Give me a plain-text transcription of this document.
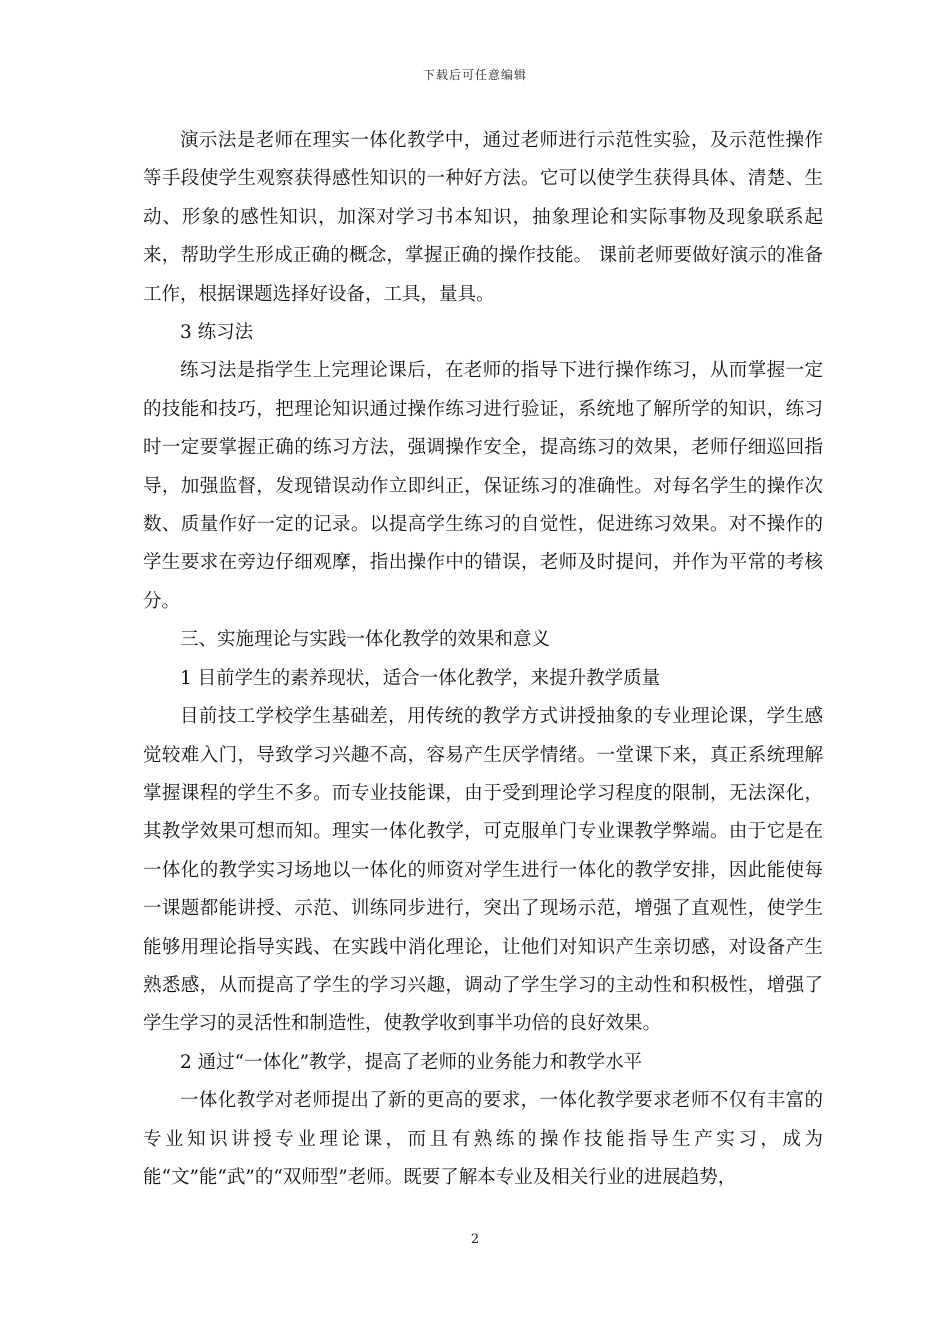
下载后可任意编辑

演示法是老师在理实一体化教学中，通过老师进行示范性实验，及示范性操作等手段使学生观察获得感性知识的一种好方法。它可以使学生获得具体、清楚、生动、形象的感性知识，加深对学习书本知识，抽象理论和实际事物及现象联系起来，帮助学生形成正确的概念，掌握正确的操作技能。 课前老师要做好演示的准备工作，根据课题选择好设备，工具，量具。

3 练习法

练习法是指学生上完理论课后，在老师的指导下进行操作练习，从而掌握一定的技能和技巧，把理论知识通过操作练习进行验证，系统地了解所学的知识，练习时一定要掌握正确的练习方法，强调操作安全，提高练习的效果，老师仔细巡回指导，加强监督，发现错误动作立即纠正，保证练习的准确性。对每名学生的操作次数、质量作好一定的记录。以提高学生练习的自觉性，促进练习效果。对不操作的学生要求在旁边仔细观摩，指出操作中的错误，老师及时提问，并作为平常的考核分。

三、实施理论与实践一体化教学的效果和意义

1 目前学生的素养现状，适合一体化教学，来提升教学质量

目前技工学校学生基础差，用传统的教学方式讲授抽象的专业理论课，学生感觉较难入门，导致学习兴趣不高，容易产生厌学情绪。一堂课下来，真正系统理解掌握课程的学生不多。而专业技能课，由于受到理论学习程度的限制，无法深化，其教学效果可想而知。理实一体化教学，可克服单门专业课教学弊端。由于它是在一体化的教学实习场地以一体化的师资对学生进行一体化的教学安排，因此能使每一课题都能讲授、示范、训练同步进行，突出了现场示范，增强了直观性，使学生能够用理论指导实践、在实践中消化理论，让他们对知识产生亲切感，对设备产生熟悉感，从而提高了学生的学习兴趣，调动了学生学习的主动性和积极性，增强了学生学习的灵活性和制造性，使教学收到事半功倍的良好效果。

2 通过“一体化”教学，提高了老师的业务能力和教学水平

一体化教学对老师提出了新的更高的要求，一体化教学要求老师不仅有丰富的专业知识讲授专业理论课，而且有熟练的操作技能指导生产实习，成为能“文”能“武”的“双师型”老师。既要了解本专业及相关行业的进展趋势，

2
